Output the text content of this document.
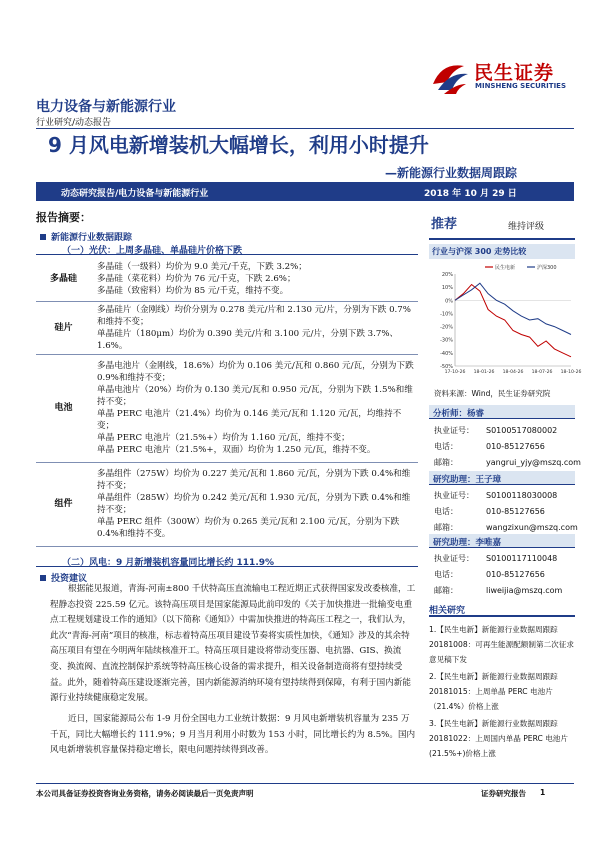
民生证券
MINSHENG SECURITIES
电力设备与新能源行业
行业研究/动态报告
9 月风电新增装机大幅增长，利用小时提升
—新能源行业数据周跟踪
动态研究报告/电力设备与新能源行业	2018 年 10 月 29 日
报告摘要：
新能源行业数据跟踪
（一）光伏：上周多晶硅、单晶硅片价格下跌
多晶硅	多晶硅（一级料）均价为 9.0 美元/千克，下跌 3.2%；
多晶硅（菜花料）均价为 76 元/千克，下跌 2.6%；
多晶硅（致密料）均价为 85 元/千克，维持不变。

硅片	多晶硅片（金刚线）均价分别为 0.278 美元/片和 2.130 元/片，分别为下跌 0.7%和维持不变；
单晶硅片（180μm）均价为 0.390 美元/片和 3.100 元/片，分别下跌 3.7%、1.6%。

电池	多晶电池片（金刚线，18.6%）均价为 0.106 美元/瓦和 0.860 元/瓦，分别为下跌 0.9%和维持不变；
单晶电池片（20%）均价为 0.130 美元/瓦和 0.950 元/瓦，分别为下跌 1.5%和维持不变；
单晶 PERC 电池片（21.4%）均价为 0.146 美元/瓦和 1.120 元/瓦，均维持不变；
单晶 PERC 电池片（21.5%+）均价为 1.160 元/瓦，维持不变；
单晶 PERC 电池片（21.5%+，双面）均价为 1.250 元/瓦，维持不变。

组件	多晶组件（275W）均价为 0.227 美元/瓦和 1.860 元/瓦，分别为下跌 0.4%和维持不变；
单晶组件（285W）均价为 0.242 美元/瓦和 1.930 元/瓦，分别为下跌 0.4%和维持不变；
单晶 PERC 组件（300W）均价为 0.265 美元/瓦和 2.100 元/瓦，分别为下跌 0.4%和维持不变。
（二）风电：9 月新增装机容量同比增长约 111.9%
投资建议
根据能见报道，青海-河南±800 千伏特高压直流输电工程近期正式获得国家发改委核准，工程静态投资 225.59 亿元。该特高压项目是国家能源局此前印发的《关于加快推进一批输变电重点工程规划建设工作的通知》（以下简称《通知》）中需加快推进的特高压工程之一，我们认为，此次“青海-河南”项目的核准，标志着特高压项目建设节奏将实质性加快，《通知》涉及的其余特高压项目有望在今明两年陆续核准开工。特高压项目建设将带动变压器、电抗器、GIS、换流变、换流阀、直流控制保护系统等特高压核心设备的需求提升，相关设备制造商将有望持续受益。此外，随着特高压建设逐渐完善，国内新能源消纳环境有望持续得到保障，有利于国内新能源行业持续健康稳定发展。
近日，国家能源局公布 1-9 月份全国电力工业统计数据：9 月风电新增装机容量为 235 万千瓦，同比大幅增长约 111.9%；9 月当月利用小时数为 153 小时，同比增长约为 8.5%。国内风电新增装机容量保持稳定增长，限电问题持续得到改善。
推荐	维持评级
行业与沪深 300 走势比较
20%
10%
0%
-10%
-20%
-30%
-40%
-50%
17-10-26 18-01-26 18-04-26 18-07-26 18-10-26
民生电新	沪深300
资料来源：Wind，民生证券研究院
分析师：杨睿
执业证号： S0100517080002
电话：	010-85127656
邮箱：	yangrui_yjy@mszq.com
研究助理：王子璋
执业证号： S0100118030008
电话：	010-85127656
邮箱：	wangzixun@mszq.com
研究助理：李唯嘉
执业证号： S0100117110048
电话：	010-85127656
邮箱：	liweijia@mszq.com
相关研究
1.【民生电新】新能源行业数据周跟踪 20181008：可再生能源配额制第二次征求意见稿下发
2.【民生电新】新能源行业数据周跟踪 20181015：上周单晶 PERC 电池片（21.4%）价格上涨
3.【民生电新】新能源行业数据周跟踪 20181022：上周国内单晶 PERC 电池片(21.5%+)价格上涨
本公司具备证券投资咨询业务资格，请务必阅读最后一页免责声明	证券研究报告 1
